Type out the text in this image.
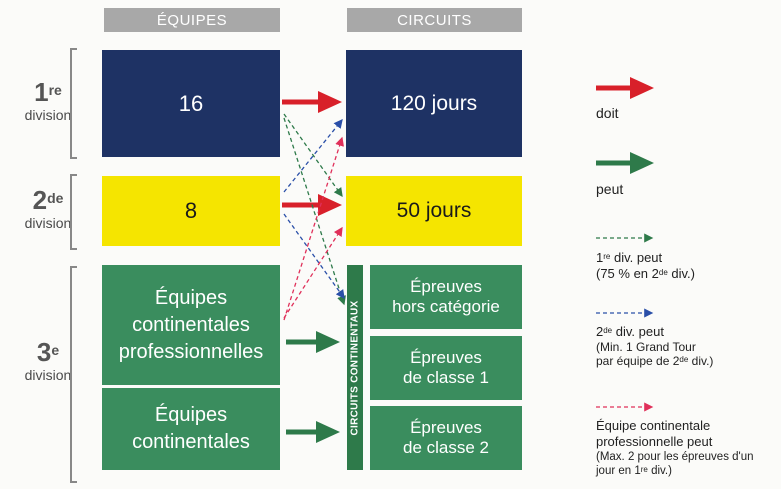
ÉQUIPES	CIRCUITS
1re
division
2de
division
3e
division
16
8
Équipes
continentales
professionnelles
Équipes
continentales
120 jours
50 jours
CIRCUITS CONTINENTAUX
Épreuves
hors catégorie
Épreuves
de classe 1
Épreuves
de classe 2
doit
peut
1re div. peut
(75 % en 2de div.)
2de div. peut
(Min. 1 Grand Tour
par équipe de 2de div.)
Équipe continentale
professionnelle peut
(Max. 2 pour les épreuves d'un
jour en 1re div.)
